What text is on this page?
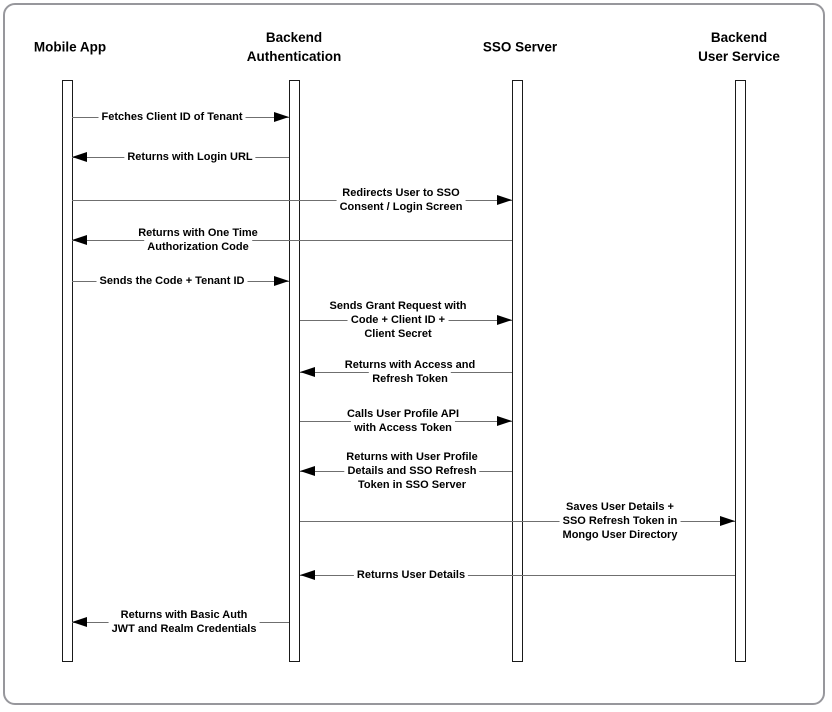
Mobile App
Backend
Authentication
SSO Server
Backend
User Service
Fetches Client ID of Tenant
Returns with Login URL
Redirects User to SSO
Consent / Login Screen
Returns with One Time
Authorization Code
Sends the Code + Tenant ID
Sends Grant Request with
Code + Client ID +
Client Secret
Returns with Access and
Refresh Token
Calls User Profile API
with Access Token
Returns with User Profile
Details and SSO Refresh
Token in SSO Server
Saves User Details +
SSO Refresh Token in
Mongo User Directory
Returns User Details
Returns with Basic Auth
JWT and Realm Credentials
